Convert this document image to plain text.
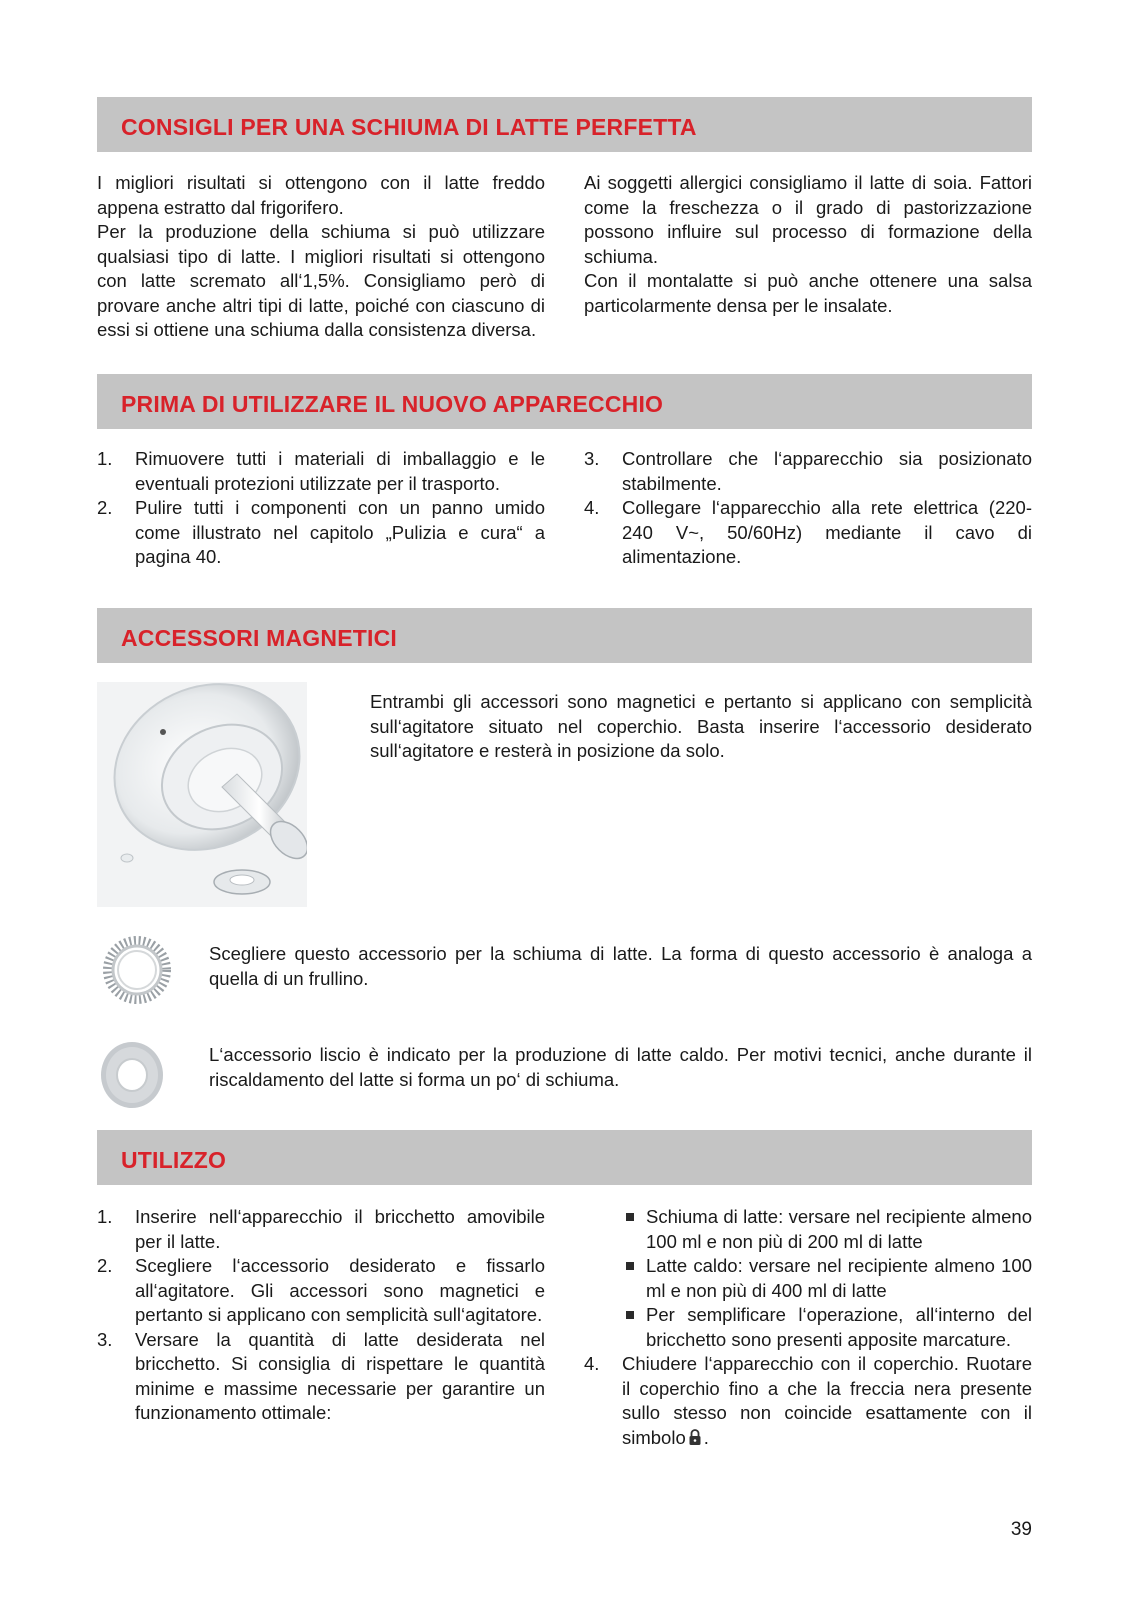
CONSIGLI PER UNA SCHIUMA DI LATTE PERFETTA

I migliori risultati si ottengono con il latte freddo appena estratto dal frigorifero.

Per la produzione della schiuma si può utilizzare qualsiasi tipo di latte. I migliori risultati si ottengono con latte scremato all‘1,5%. Consigliamo però di provare anche altri tipi di latte, poiché con ciascuno di essi si ottiene una schiuma dalla consistenza diversa.

Ai soggetti allergici consigliamo il latte di soia. Fattori come la freschezza o il grado di pastorizzazione possono influire sul processo di formazione della schiuma.

Con il montalatte si può anche ottenere una salsa particolarmente densa per le insalate.

PRIMA DI UTILIZZARE IL NUOVO APPARECCHIO
1. Rimuovere tutti i materiali di imballaggio e le eventuali protezioni utilizzate per il trasporto.
2. Pulire tutti i componenti con un panno umido come illustrato nel capitolo „Pulizia e cura“ a pagina 40.
3. Controllare che l‘apparecchio sia posizionato stabilmente.
4. Collegare l‘apparecchio alla rete elettrica (220-240 V~, 50/60Hz) mediante il cavo di alimentazione.
ACCESSORI MAGNETICI

Entrambi gli accessori sono magnetici e pertanto si applicano con semplicità sull‘agitatore situato nel coperchio. Basta inserire l‘accessorio desiderato sull‘agitatore e resterà in posizione da solo.

Scegliere questo accessorio per la schiuma di latte. La forma di questo accessorio è analoga a quella di un frullino.

L‘accessorio liscio è indicato per la produzione di latte caldo. Per motivi tecnici, anche durante il riscaldamento del latte si forma un po‘ di schiuma.

UTILIZZO
1. Inserire nell‘apparecchio il bricchetto amovibile per il latte.
2. Scegliere l‘accessorio desiderato e fissarlo all‘agitatore. Gli accessori sono magnetici e pertanto si applicano con semplicità sull‘agitatore.
3. Versare la quantità di latte desiderata nel bricchetto. Si consiglia di rispettare le quantità minime e massime necessarie per garantire un funzionamento ottimale:
Schiuma di latte: versare nel recipiente almeno 100 ml e non più di 200 ml di latte
Latte caldo: versare nel recipiente almeno 100 ml e non più di 400 ml di latte
Per semplificare l‘operazione, all‘interno del bricchetto sono presenti apposite marcature.
4. Chiudere l‘apparecchio con il coperchio. Ruotare il coperchio fino a che la freccia nera presente sullo stesso non coincide esattamente con il simbolo .
39
